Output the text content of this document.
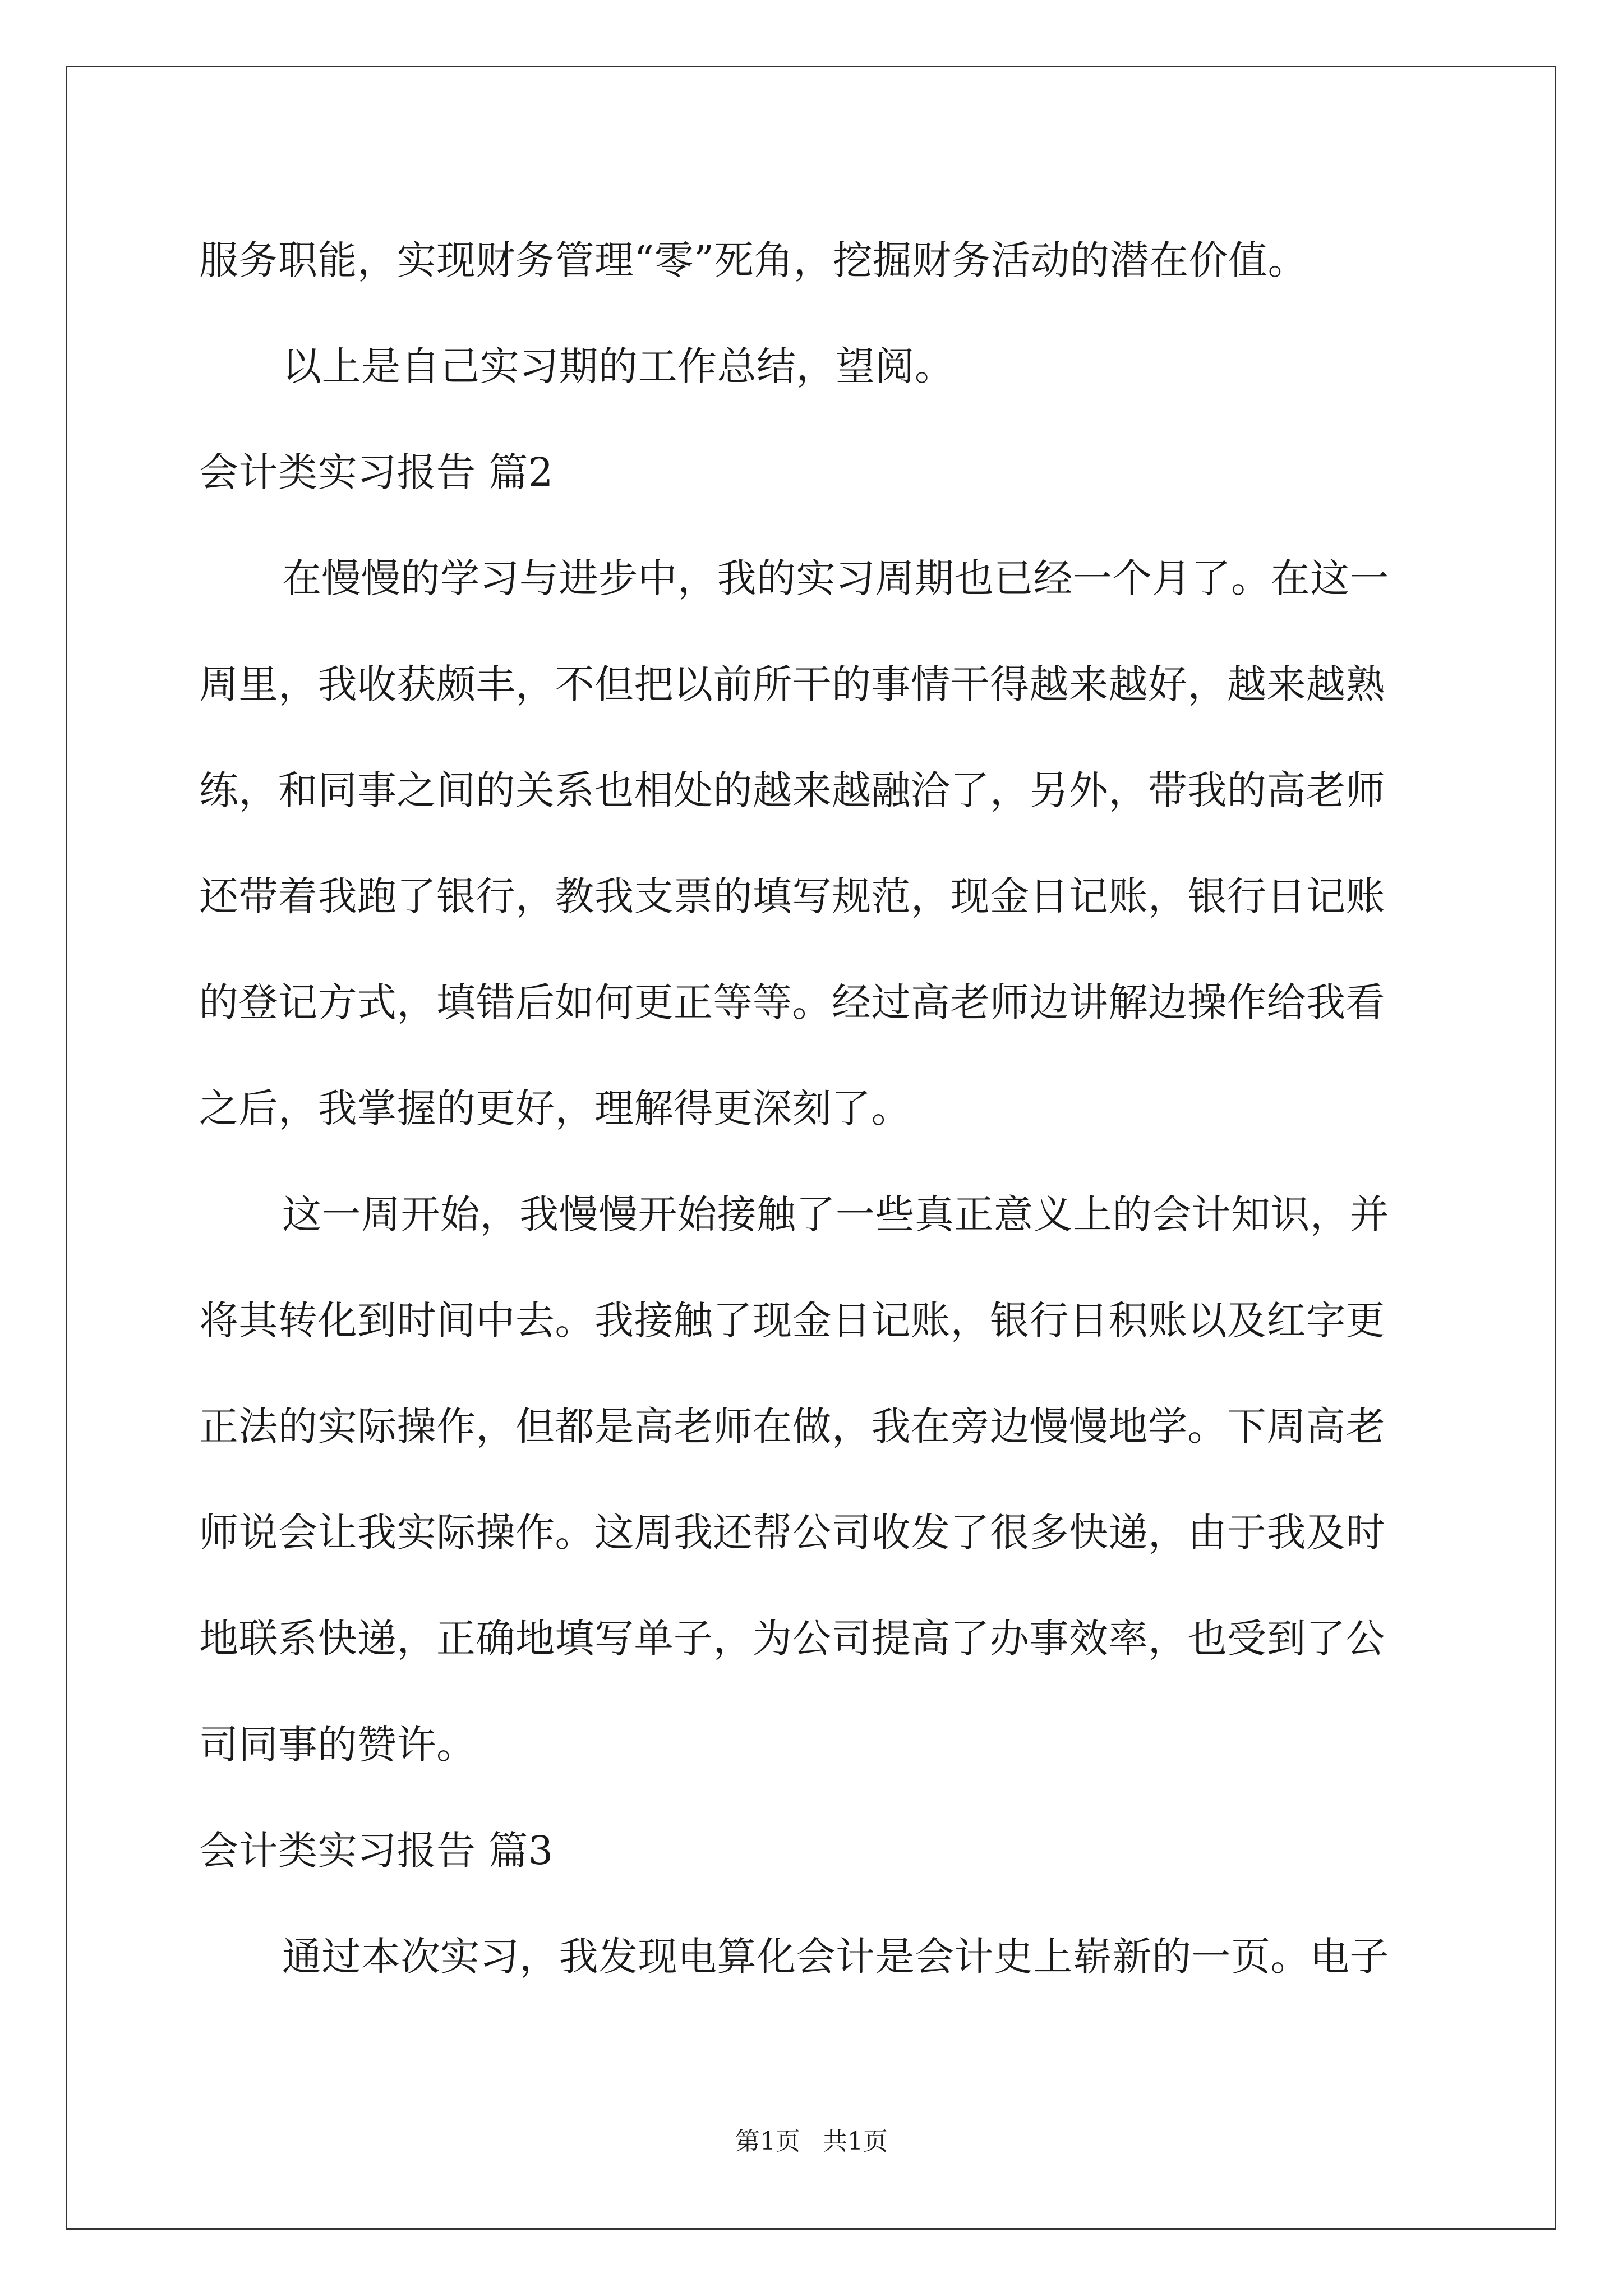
服务职能，实现财务管理“零”死角，挖掘财务活动的潜在价值。
以上是自己实习期的工作总结，望阅。
会计类实习报告 篇2
在慢慢的学习与进步中，我的实习周期也已经一个月了。在这一
周里，我收获颇丰，不但把以前所干的事情干得越来越好，越来越熟
练，和同事之间的关系也相处的越来越融洽了，另外，带我的高老师
还带着我跑了银行，教我支票的填写规范，现金日记账，银行日记账
的登记方式，填错后如何更正等等。经过高老师边讲解边操作给我看
之后，我掌握的更好，理解得更深刻了。
这一周开始，我慢慢开始接触了一些真正意义上的会计知识，并
将其转化到时间中去。我接触了现金日记账，银行日积账以及红字更
正法的实际操作，但都是高老师在做，我在旁边慢慢地学。下周高老
师说会让我实际操作。这周我还帮公司收发了很多快递，由于我及时
地联系快递，正确地填写单子，为公司提高了办事效率，也受到了公
司同事的赞许。
会计类实习报告 篇3
通过本次实习，我发现电算化会计是会计史上崭新的一页。电子
第1页 共1页
